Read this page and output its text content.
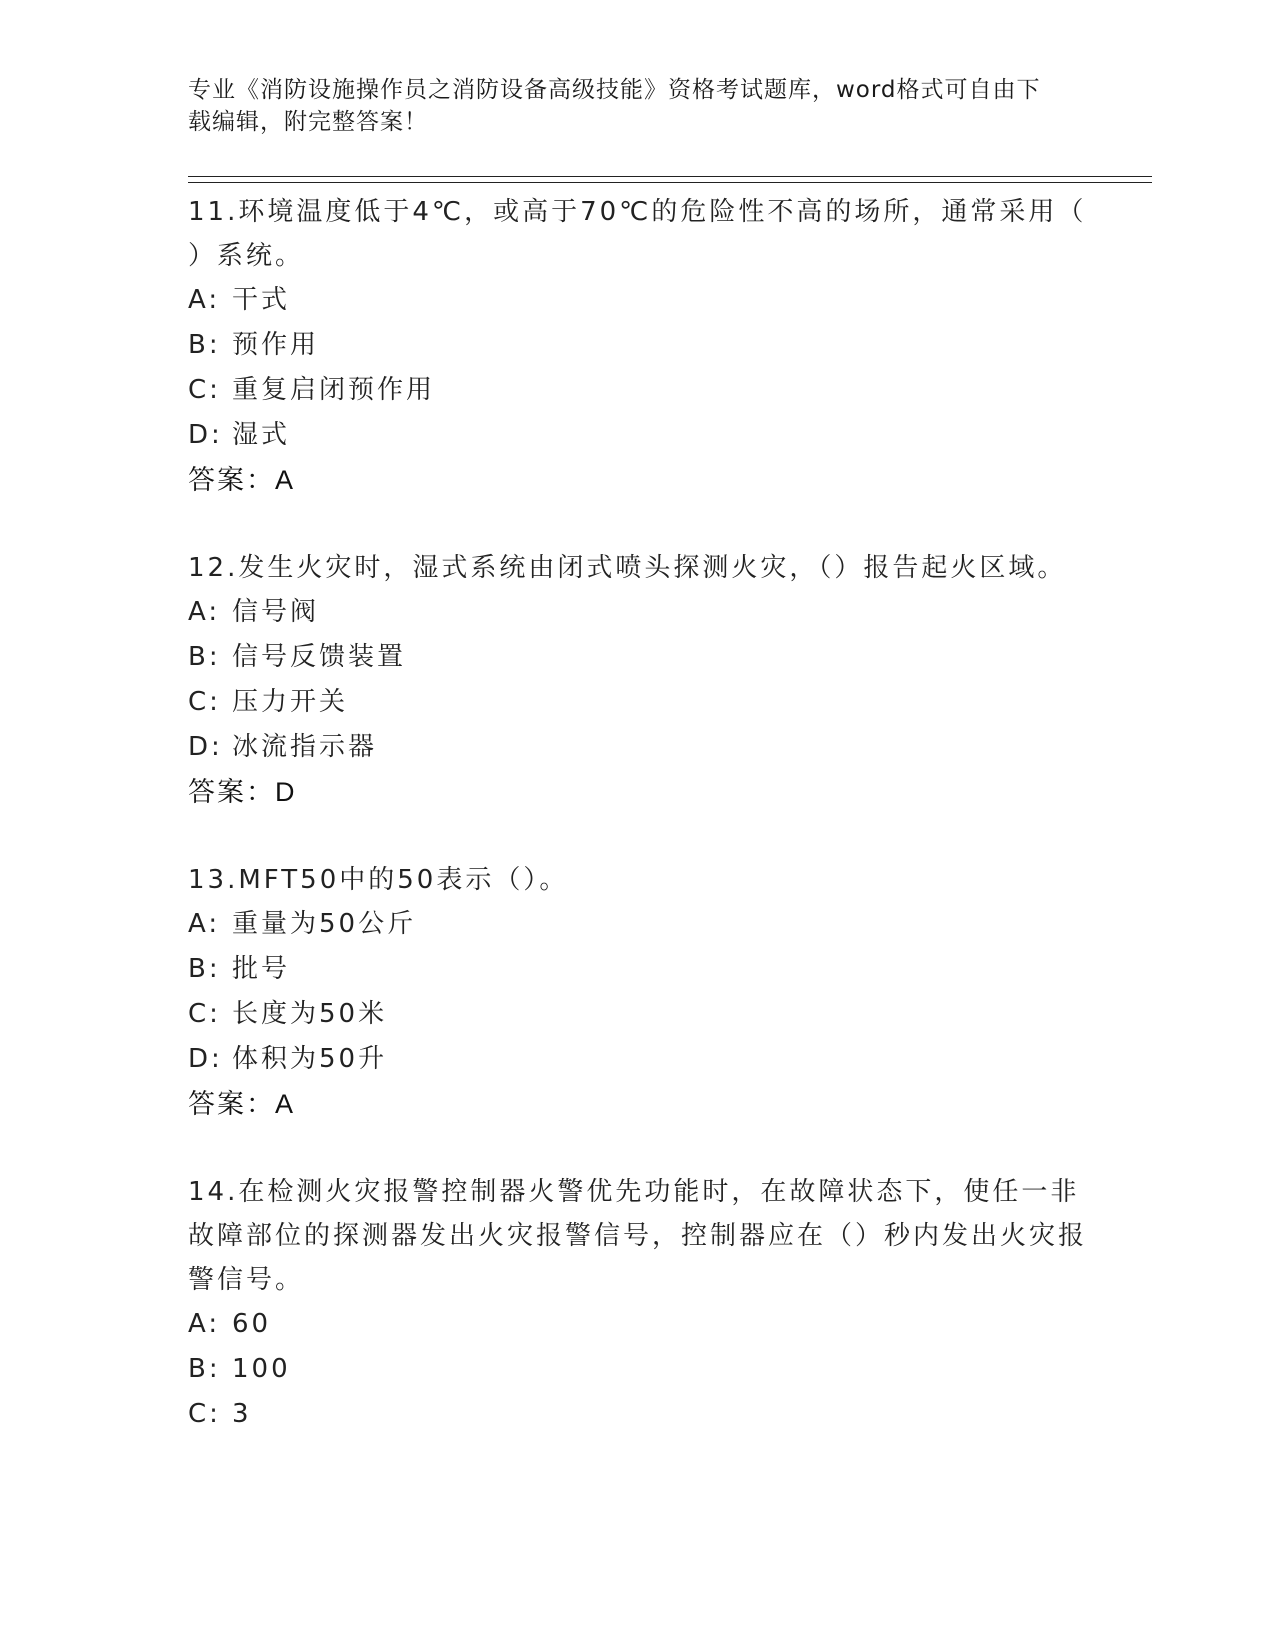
专业《消防设施操作员之消防设备高级技能》资格考试题库，word格式可自由下
载编辑，附完整答案！

11.环境温度低于4℃，或高于70℃的危险性不高的场所，通常采用（ ）系统。

A: 干式

B: 预作用

C: 重复启闭预作用

D: 湿式

答案：A

12.发生火灾时，湿式系统由闭式喷头探测火灾，（）报告起火区域。

A: 信号阀

B: 信号反馈装置

C: 压力开关

D: 冰流指示器

答案：D

13.MFT50中的50表示（）。

A: 重量为50公斤

B: 批号

C: 长度为50米

D: 体积为50升

答案：A

14.在检测火灾报警控制器火警优先功能时，在故障状态下，使任一非故障部位的探测器发出火灾报警信号，控制器应在（）秒内发出火灾报警信号。

A: 60

B: 100

C: 3
